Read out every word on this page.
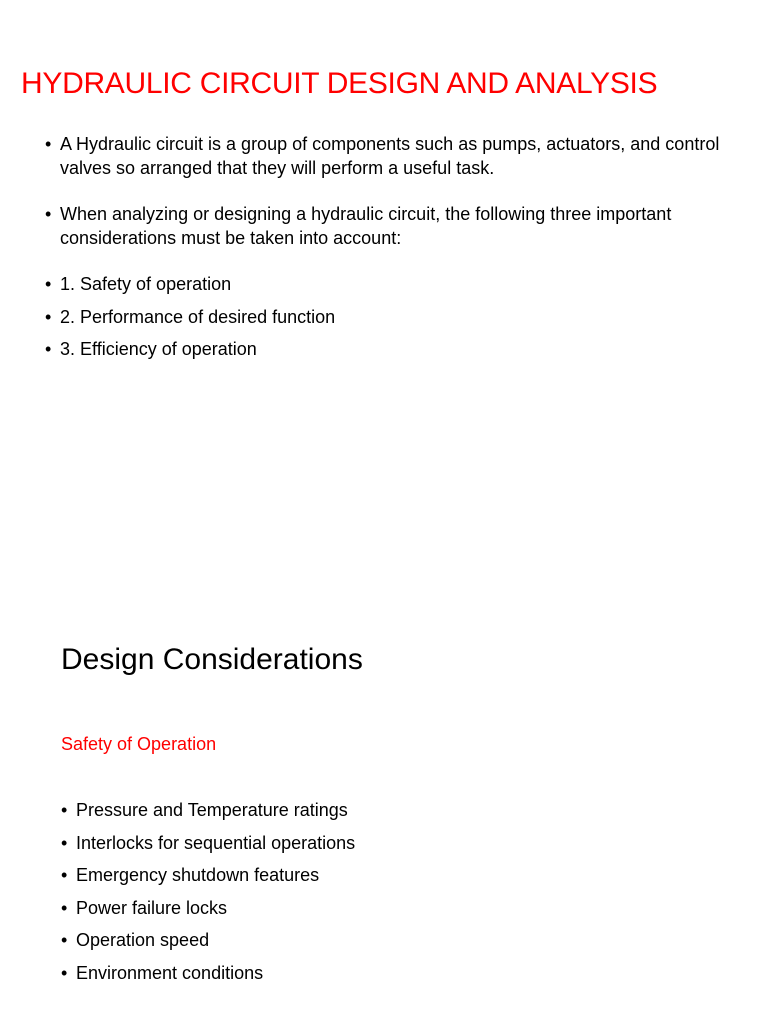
HYDRAULIC CIRCUIT DESIGN AND ANALYSIS
• A Hydraulic circuit is a group of components such as pumps, actuators, and control valves so arranged that they will perform a useful task.
• When analyzing or designing a hydraulic circuit, the following three important considerations must be taken into account:
• 1. Safety of operation
• 2. Performance of desired function
• 3. Efficiency of operation
Design Considerations
Safety of Operation
• Pressure and Temperature ratings
• Interlocks for sequential operations
• Emergency shutdown features
• Power failure locks
• Operation speed
• Environment conditions
